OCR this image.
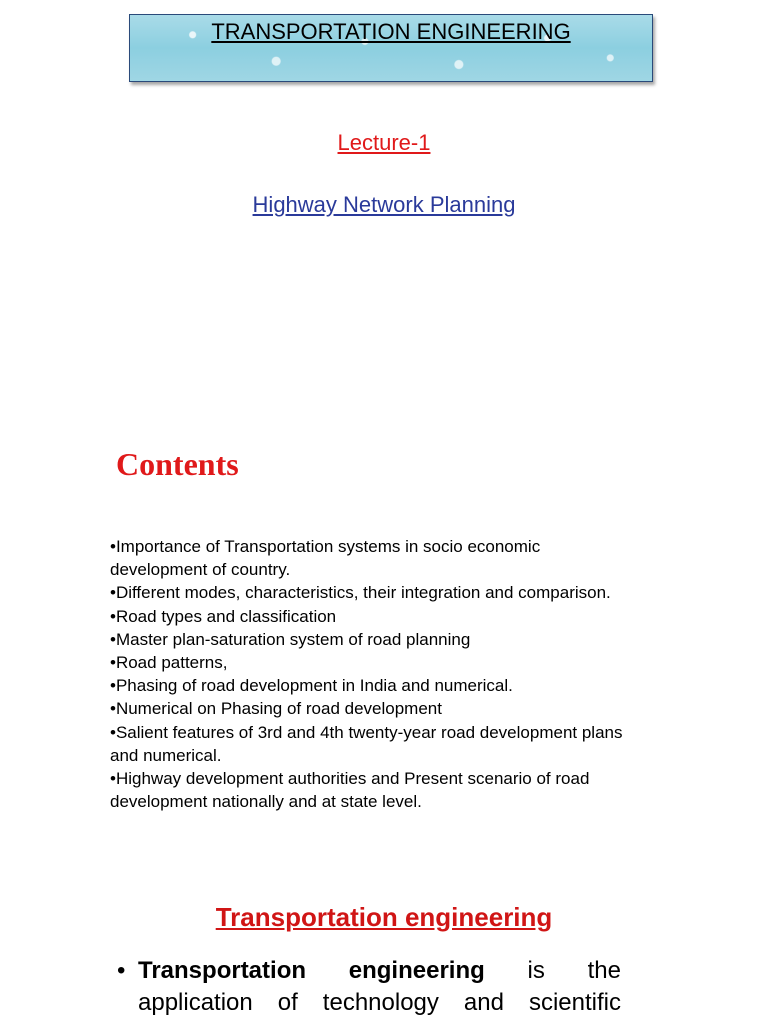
TRANSPORTATION ENGINEERING
Lecture-1
Highway Network Planning
Contents
•Importance of Transportation systems in socio economic development of country.
•Different modes, characteristics, their integration and comparison.
•Road types and classification
•Master plan-saturation system of road planning
•Road patterns,
•Phasing of road development in India and numerical.
•Numerical on Phasing of road development
•Salient features of 3rd and 4th twenty-year road development plans and numerical.
•Highway development authorities and Present scenario of road development nationally and at state level.
Transportation engineering
• Transportation engineering is the application of technology and scientific
